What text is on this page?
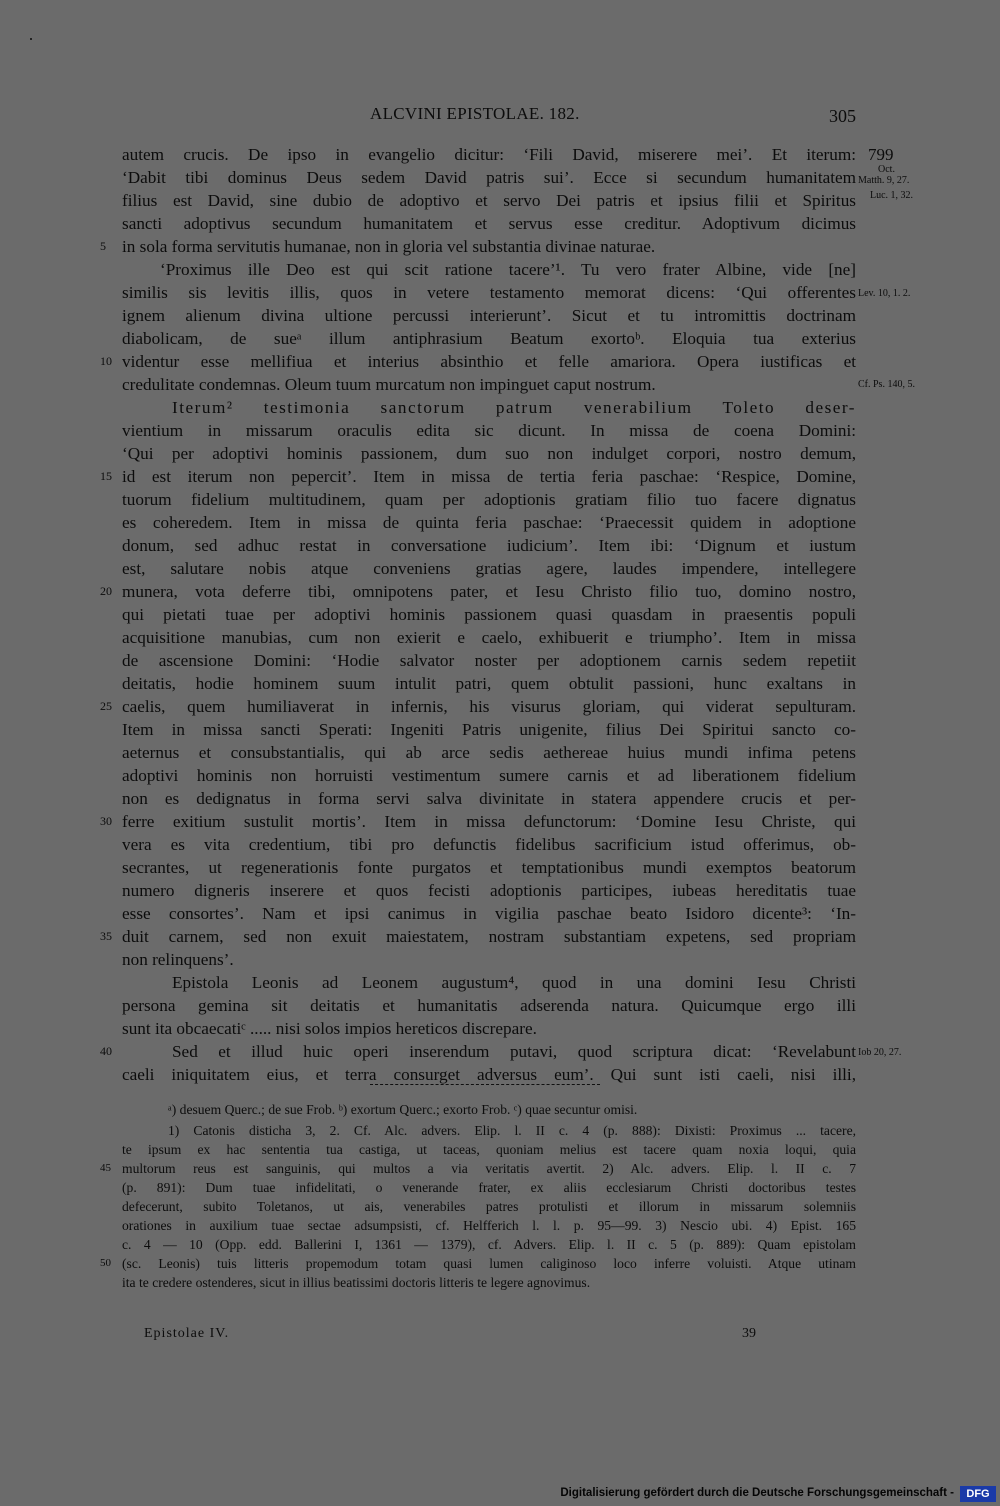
ALCVINI EPISTOLAE. 182.	305
autem crucis. De ipso in evangelio dicitur: ‘Fili David, miserere mei’. Et iterum:
‘Dabit tibi dominus Deus sedem David patris sui’. Ecce si secundum humanitatem
filius est David, sine dubio de adoptivo et servo Dei patris et ipsius filii et Spiritus
sancti adoptivus secundum humanitatem et servus esse creditur. Adoptivum dicimus
in sola forma servitutis humanae, non in gloria vel substantia divinae naturae.
‘Proximus ille Deo est qui scit ratione tacere’¹. Tu vero frater Albine, vide [ne]
similis sis levitis illis, quos in vetere testamento memorat dicens: ‘Qui offerentes
ignem alienum divina ultione percussi interierunt’. Sicut et tu intromittis doctrinam
diabolicam, de sueᵃ illum antiphrasium Beatum exortoᵇ. Eloquia tua exterius
videntur esse mellifiua et interius absinthio et felle amariora. Opera iustificas et
credulitate condemnas. Oleum tuum murcatum non impinguet caput nostrum.
Iterum² testimonia sanctorum patrum venerabilium Toleto deser-
vientium in missarum oraculis edita sic dicunt. In missa de coena Domini:
‘Qui per adoptivi hominis passionem, dum suo non indulget corpori, nostro demum,
id est iterum non pepercit’. Item in missa de tertia feria paschae: ‘Respice, Domine,
tuorum fidelium multitudinem, quam per adoptionis gratiam filio tuo facere dignatus
es coheredem. Item in missa de quinta feria paschae: ‘Praecessit quidem in adoptione
donum, sed adhuc restat in conversatione iudicium’. Item ibi: ‘Dignum et iustum
est, salutare nobis atque conveniens gratias agere, laudes impendere, intellegere
munera, vota deferre tibi, omnipotens pater, et Iesu Christo filio tuo, domino nostro,
qui pietati tuae per adoptivi hominis passionem quasi quasdam in praesentis populi
acquisitione manubias, cum non exierit e caelo, exhibuerit e triumpho’. Item in missa
de ascensione Domini: ‘Hodie salvator noster per adoptionem carnis sedem repetiit
deitatis, hodie hominem suum intulit patri, quem obtulit passioni, hunc exaltans in
caelis, quem humiliaverat in infernis, his visurus gloriam, qui viderat sepulturam.
Item in missa sancti Sperati: Ingeniti Patris unigenite, filius Dei Spiritui sancto co-
aeternus et consubstantialis, qui ab arce sedis aethereae huius mundi infima petens
adoptivi hominis non horruisti vestimentum sumere carnis et ad liberationem fidelium
non es dedignatus in forma servi salva divinitate in statera appendere crucis et per-
ferre exitium sustulit mortis’. Item in missa defunctorum: ‘Domine Iesu Christe, qui
vera es vita credentium, tibi pro defunctis fidelibus sacrificium istud offerimus, ob-
secrantes, ut regenerationis fonte purgatos et temptationibus mundi exemptos beatorum
numero digneris inserere et quos fecisti adoptionis participes, iubeas hereditatis tuae
esse consortes’. Nam et ipsi canimus in vigilia paschae beato Isidoro dicente³: ‘In-
duit carnem, sed non exuit maiestatem, nostram substantiam expetens, sed propriam
non relinquens’.
Epistola Leonis ad Leonem augustum⁴, quod in una domini Iesu Christi
persona gemina sit deitatis et humanitatis adserenda natura. Quicumque ergo illi
sunt ita obcaecatiᶜ ..... nisi solos impios hereticos discrepare.
Sed et illud huic operi inserendum putavi, quod scriptura dicat: ‘Revelabunt
caeli iniquitatem eius, et terra consurget adversus eum’. Qui sunt isti caeli, nisi illi,
5
10
15
20
25
30
35
40
799
Oct.
Matth. 9, 27.
Luc. 1, 32.
Lev. 10, 1. 2.
Cf. Ps. 140, 5.
Iob 20, 27.
ᵃ) desuem Querc.; de sue Frob. ᵇ) exortum Querc.; exorto Frob. ᶜ) quae secuntur omisi.
1) Catonis disticha 3, 2. Cf. Alc. advers. Elip. l. II c. 4 (p. 888): Dixisti: Proximus ... tacere,
te ipsum ex hac sententia tua castiga, ut taceas, quoniam melius est tacere quam noxia loqui, quia
multorum reus est sanguinis, qui multos a via veritatis avertit. 2) Alc. advers. Elip. l. II c. 7
(p. 891): Dum tuae infidelitati, o venerande frater, ex aliis ecclesiarum Christi doctoribus testes
defecerunt, subito Toletanos, ut ais, venerabiles patres protulisti et illorum in missarum solemniis
orationes in auxilium tuae sectae adsumpsisti, cf. Helfferich l. l. p. 95—99. 3) Nescio ubi. 4) Epist. 165
c. 4 — 10 (Opp. edd. Ballerini I, 1361 — 1379), cf. Advers. Elip. l. II c. 5 (p. 889): Quam epistolam
(sc. Leonis) tuis litteris propemodum totam quasi lumen caliginoso loco inferre voluisti. Atque utinam
ita te credere ostenderes, sicut in illius beatissimi doctoris litteris te legere agnovimus.
45
50
Epistolae IV.	39
Digitalisierung gefördert durch die Deutsche Forschungsgemeinschaft -	DFG
